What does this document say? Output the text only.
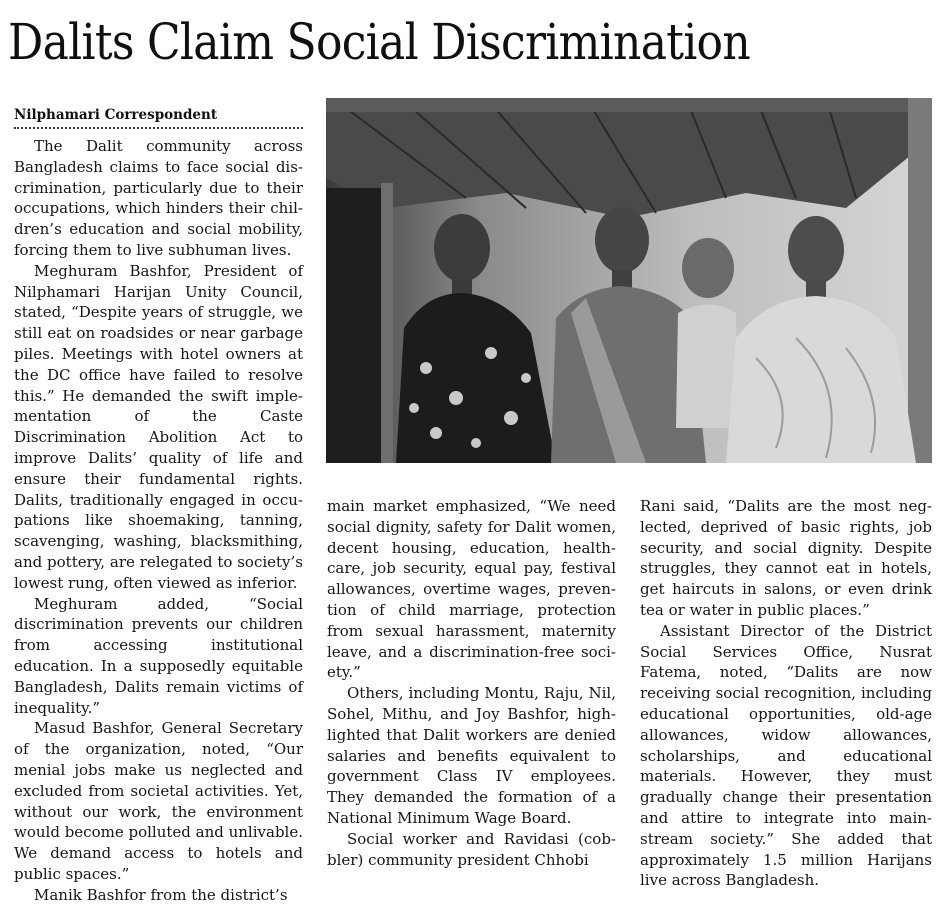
Dalits Claim Social Discrimination
Nilphamari Correspondent

The Dalit community across Bangladesh claims to face social discrimination, particularly due to their occupations, which hinders their children’s education and social mobility, forcing them to live subhuman lives.

Meghuram Bashfor, President of Nilphamari Harijan Unity Council, stated, “Despite years of struggle, we still eat on roadsides or near garbage piles. Meetings with hotel owners at the DC office have failed to resolve this.” He demanded the swift implementation of the Caste Discrimination Abolition Act to improve Dalits’ quality of life and ensure their fundamental rights. Dalits, traditionally engaged in occupations like shoemaking, tanning, scavenging, washing, blacksmithing, and pottery, are relegated to society’s lowest rung, often viewed as inferior.

Meghuram added, “Social discrimination prevents our children from accessing institutional education. In a supposedly equitable Bangladesh, Dalits remain victims of inequality.”

Masud Bashfor, General Secretary of the organization, noted, “Our menial jobs make us neglected and excluded from societal activities. Yet, without our work, the environment would become polluted and unlivable. We demand access to hotels and public spaces.”

Manik Bashfor from the district’s

main market emphasized, “We need social dignity, safety for Dalit women, decent housing, education, healthcare, job security, equal pay, festival allowances, overtime wages, prevention of child marriage, protection from sexual harassment, maternity leave, and a discrimination-free society.”

Others, including Montu, Raju, Nil, Sohel, Mithu, and Joy Bashfor, highlighted that Dalit workers are denied salaries and benefits equivalent to government Class IV employees. They demanded the formation of a National Minimum Wage Board.

Social worker and Ravidasi (cobbler) community president Chhobi

Rani said, “Dalits are the most neglected, deprived of basic rights, job security, and social dignity. Despite struggles, they cannot eat in hotels, get haircuts in salons, or even drink tea or water in public places.”

Assistant Director of the District Social Services Office, Nusrat Fatema, noted, “Dalits are now receiving social recognition, including educational opportunities, old-age allowances, widow allowances, scholarships, and educational materials. However, they must gradually change their presentation and attire to integrate into mainstream society.” She added that approximately 1.5 million Harijans live across Bangladesh.
